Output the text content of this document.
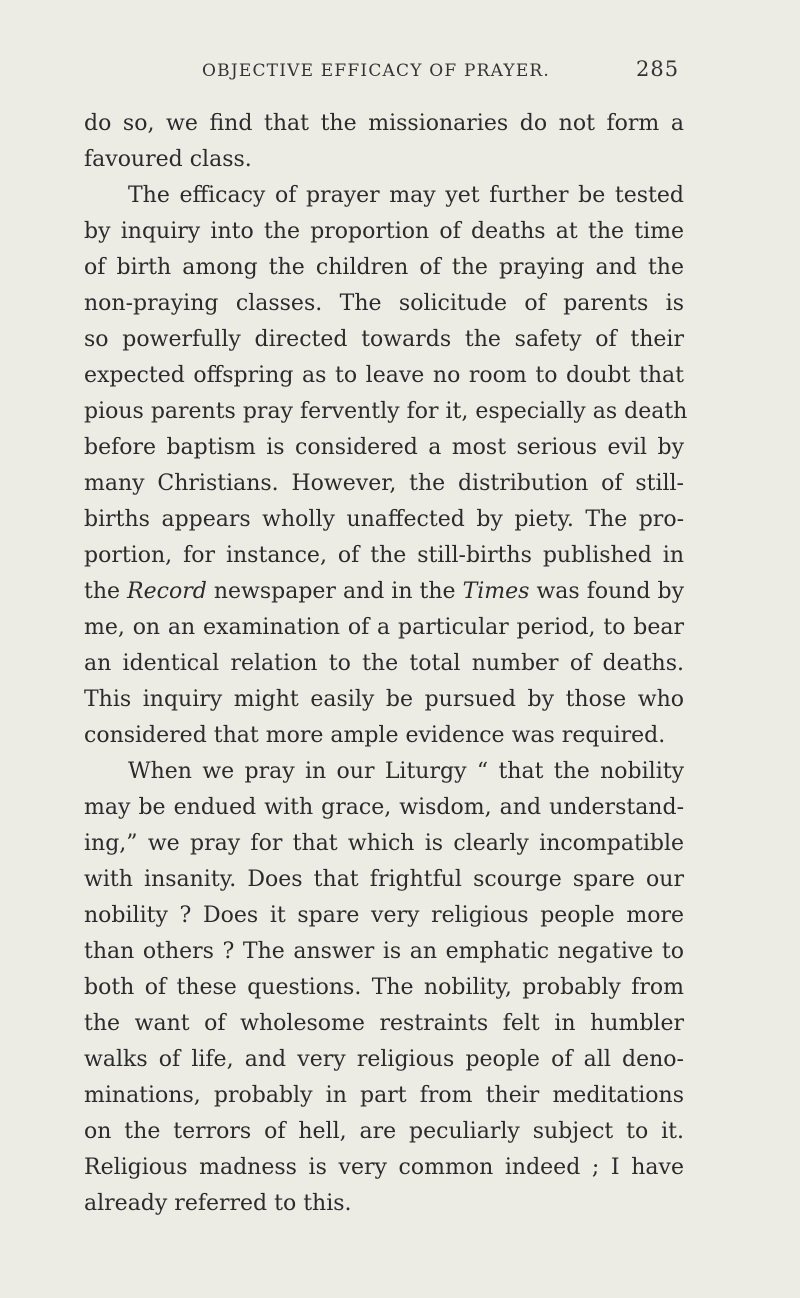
OBJECTIVE EFFICACY OF PRAYER.	285
do so, we find that the missionaries do not form a
favoured class.
The efficacy of prayer may yet further be tested
by inquiry into the proportion of deaths at the time
of birth among the children of the praying and the
non-praying classes. The solicitude of parents is
so powerfully directed towards the safety of their
expected offspring as to leave no room to doubt that
pious parents pray fervently for it, especially as death
before baptism is considered a most serious evil by
many Christians. However, the distribution of still-
births appears wholly unaffected by piety. The pro-
portion, for instance, of the still-births published in
the Record newspaper and in the Times was found by
me, on an examination of a particular period, to bear
an identical relation to the total number of deaths.
This inquiry might easily be pursued by those who
considered that more ample evidence was required.
When we pray in our Liturgy “ that the nobility
may be endued with grace, wisdom, and understand-
ing,” we pray for that which is clearly incompatible
with insanity. Does that frightful scourge spare our
nobility ? Does it spare very religious people more
than others ? The answer is an emphatic negative to
both of these questions. The nobility, probably from
the want of wholesome restraints felt in humbler
walks of life, and very religious people of all deno-
minations, probably in part from their meditations
on the terrors of hell, are peculiarly subject to it.
Religious madness is very common indeed ; I have
already referred to this.
